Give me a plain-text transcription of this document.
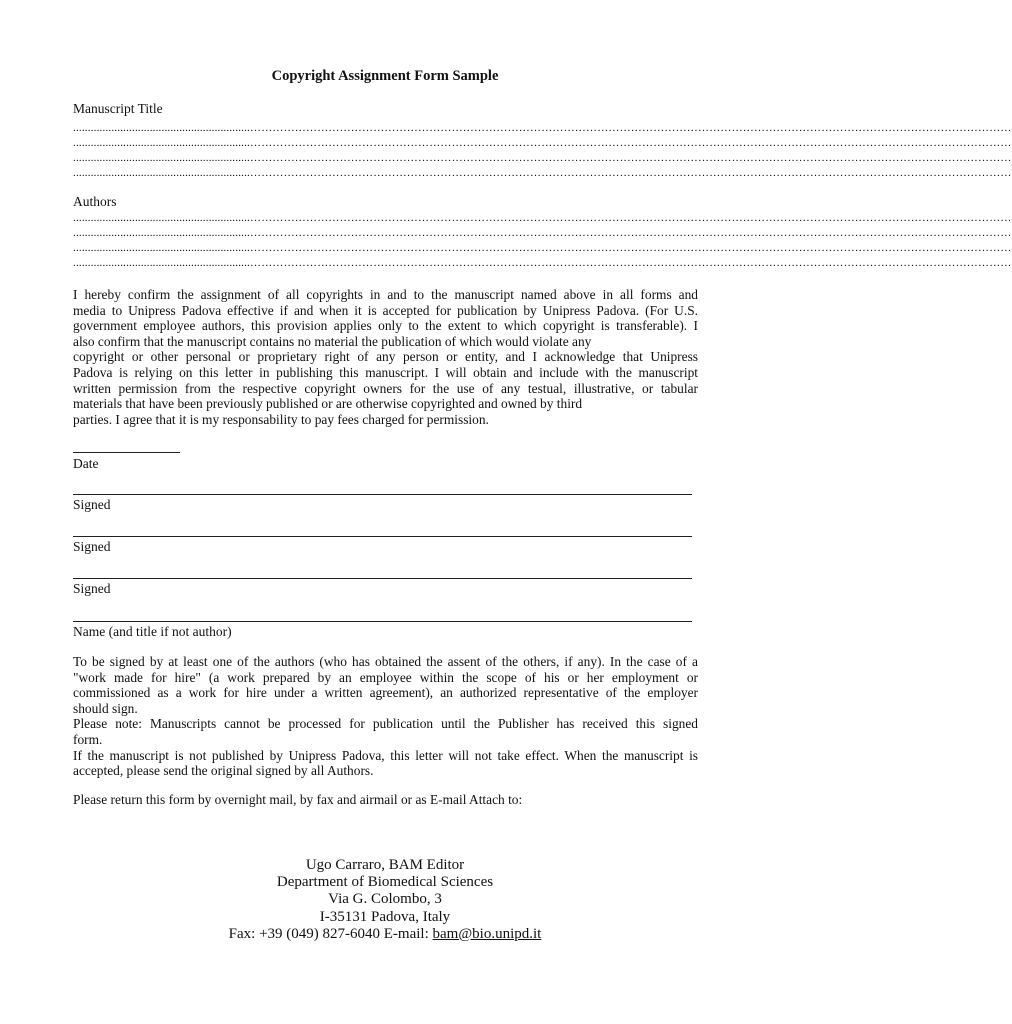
Copyright Assignment Form Sample
Manuscript Title
............................................................……………………………………………………………………………………………………………………………………………………………………………………
............................................................……………………………………………………………………………………………………………………………………………………………………………………
............................................................……………………………………………………………………………………………………………………………………………………………………………………
............................................................……………………………………………………………………………………………………………………………………………………………………………………
Authors
............................................................……………………………………………………………………………………………………………………………………………………………………………………
............................................................……………………………………………………………………………………………………………………………………………………………………………………
............................................................……………………………………………………………………………………………………………………………………………………………………………………
............................................................……………………………………………………………………………………………………………………………………………………………………………………
I hereby confirm the assignment of all copyrights in and to the manuscript named above in all forms and
media to Unipress Padova effective if and when it is accepted for publication by Unipress Padova. (For U.S.
government employee authors, this provision applies only to the extent to which copyright is transferable). I
also confirm that the manuscript contains no material the publication of which would violate any
copyright or other personal or proprietary right of any person or entity, and I acknowledge that Unipress
Padova is relying on this letter in publishing this manuscript. I will obtain and include with the manuscript
written permission from the respective copyright owners for the use of any testual, illustrative, or tabular
materials that have been previously published or are otherwise copyrighted and owned by third
parties. I agree that it is my responsability to pay fees charged for permission.
Date
Signed
Signed
Signed
Name (and title if not author)
To be signed by at least one of the authors (who has obtained the assent of the others, if any). In the case of a
"work made for hire" (a work prepared by an employee within the scope of his or her employment or
commissioned as a work for hire under a written agreement), an authorized representative of the employer
should sign.
Please note: Manuscripts cannot be processed for publication until the Publisher has received this signed
form.
If the manuscript is not published by Unipress Padova, this letter will not take effect. When the manuscript is
accepted, please send the original signed by all Authors.
Please return this form by overnight mail, by fax and airmail or as E-mail Attach to:
Ugo Carraro, BAM Editor
Department of Biomedical Sciences
Via G. Colombo, 3
I-35131 Padova, Italy
Fax: +39 (049) 827-6040 E-mail: bam@bio.unipd.it
